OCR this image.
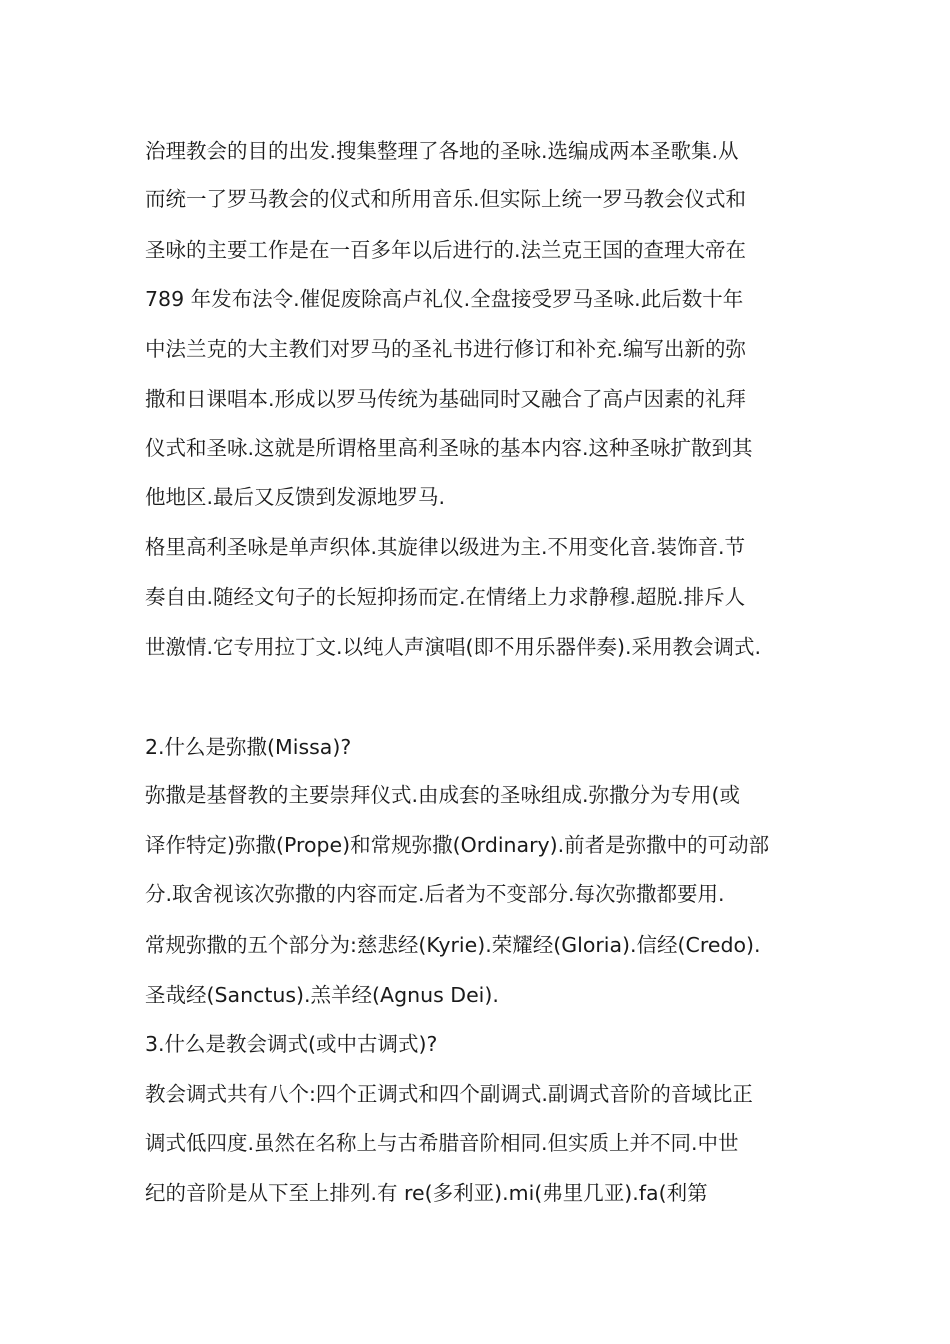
治理教会的目的出发.搜集整理了各地的圣咏.选编成两本圣歌集.从
而统一了罗马教会的仪式和所用音乐.但实际上统一罗马教会仪式和
圣咏的主要工作是在一百多年以后进行的.法兰克王国的查理大帝在
789 年发布法令.催促废除高卢礼仪.全盘接受罗马圣咏.此后数十年
中法兰克的大主教们对罗马的圣礼书进行修订和补充.编写出新的弥
撒和日课唱本.形成以罗马传统为基础同时又融合了高卢因素的礼拜
仪式和圣咏.这就是所谓格里高利圣咏的基本内容.这种圣咏扩散到其
他地区.最后又反馈到发源地罗马.
格里高利圣咏是单声织体.其旋律以级进为主.不用变化音.装饰音.节
奏自由.随经文句子的长短抑扬而定.在情绪上力求静穆.超脱.排斥人
世激情.它专用拉丁文.以纯人声演唱(即不用乐器伴奏).采用教会调式.
2.什么是弥撒(Missa)?
弥撒是基督教的主要崇拜仪式.由成套的圣咏组成.弥撒分为专用(或
译作特定)弥撒(Prope)和常规弥撒(Ordinary).前者是弥撒中的可动部
分.取舍视该次弥撒的内容而定.后者为不变部分.每次弥撒都要用.
常规弥撒的五个部分为:慈悲经(Kyrie).荣耀经(Gloria).信经(Credo).
圣哉经(Sanctus).羔羊经(Agnus Dei).
3.什么是教会调式(或中古调式)?
教会调式共有八个:四个正调式和四个副调式.副调式音阶的音域比正
调式低四度.虽然在名称上与古希腊音阶相同.但实质上并不同.中世
纪的音阶是从下至上排列.有 re(多利亚).mi(弗里几亚).fa(利第
